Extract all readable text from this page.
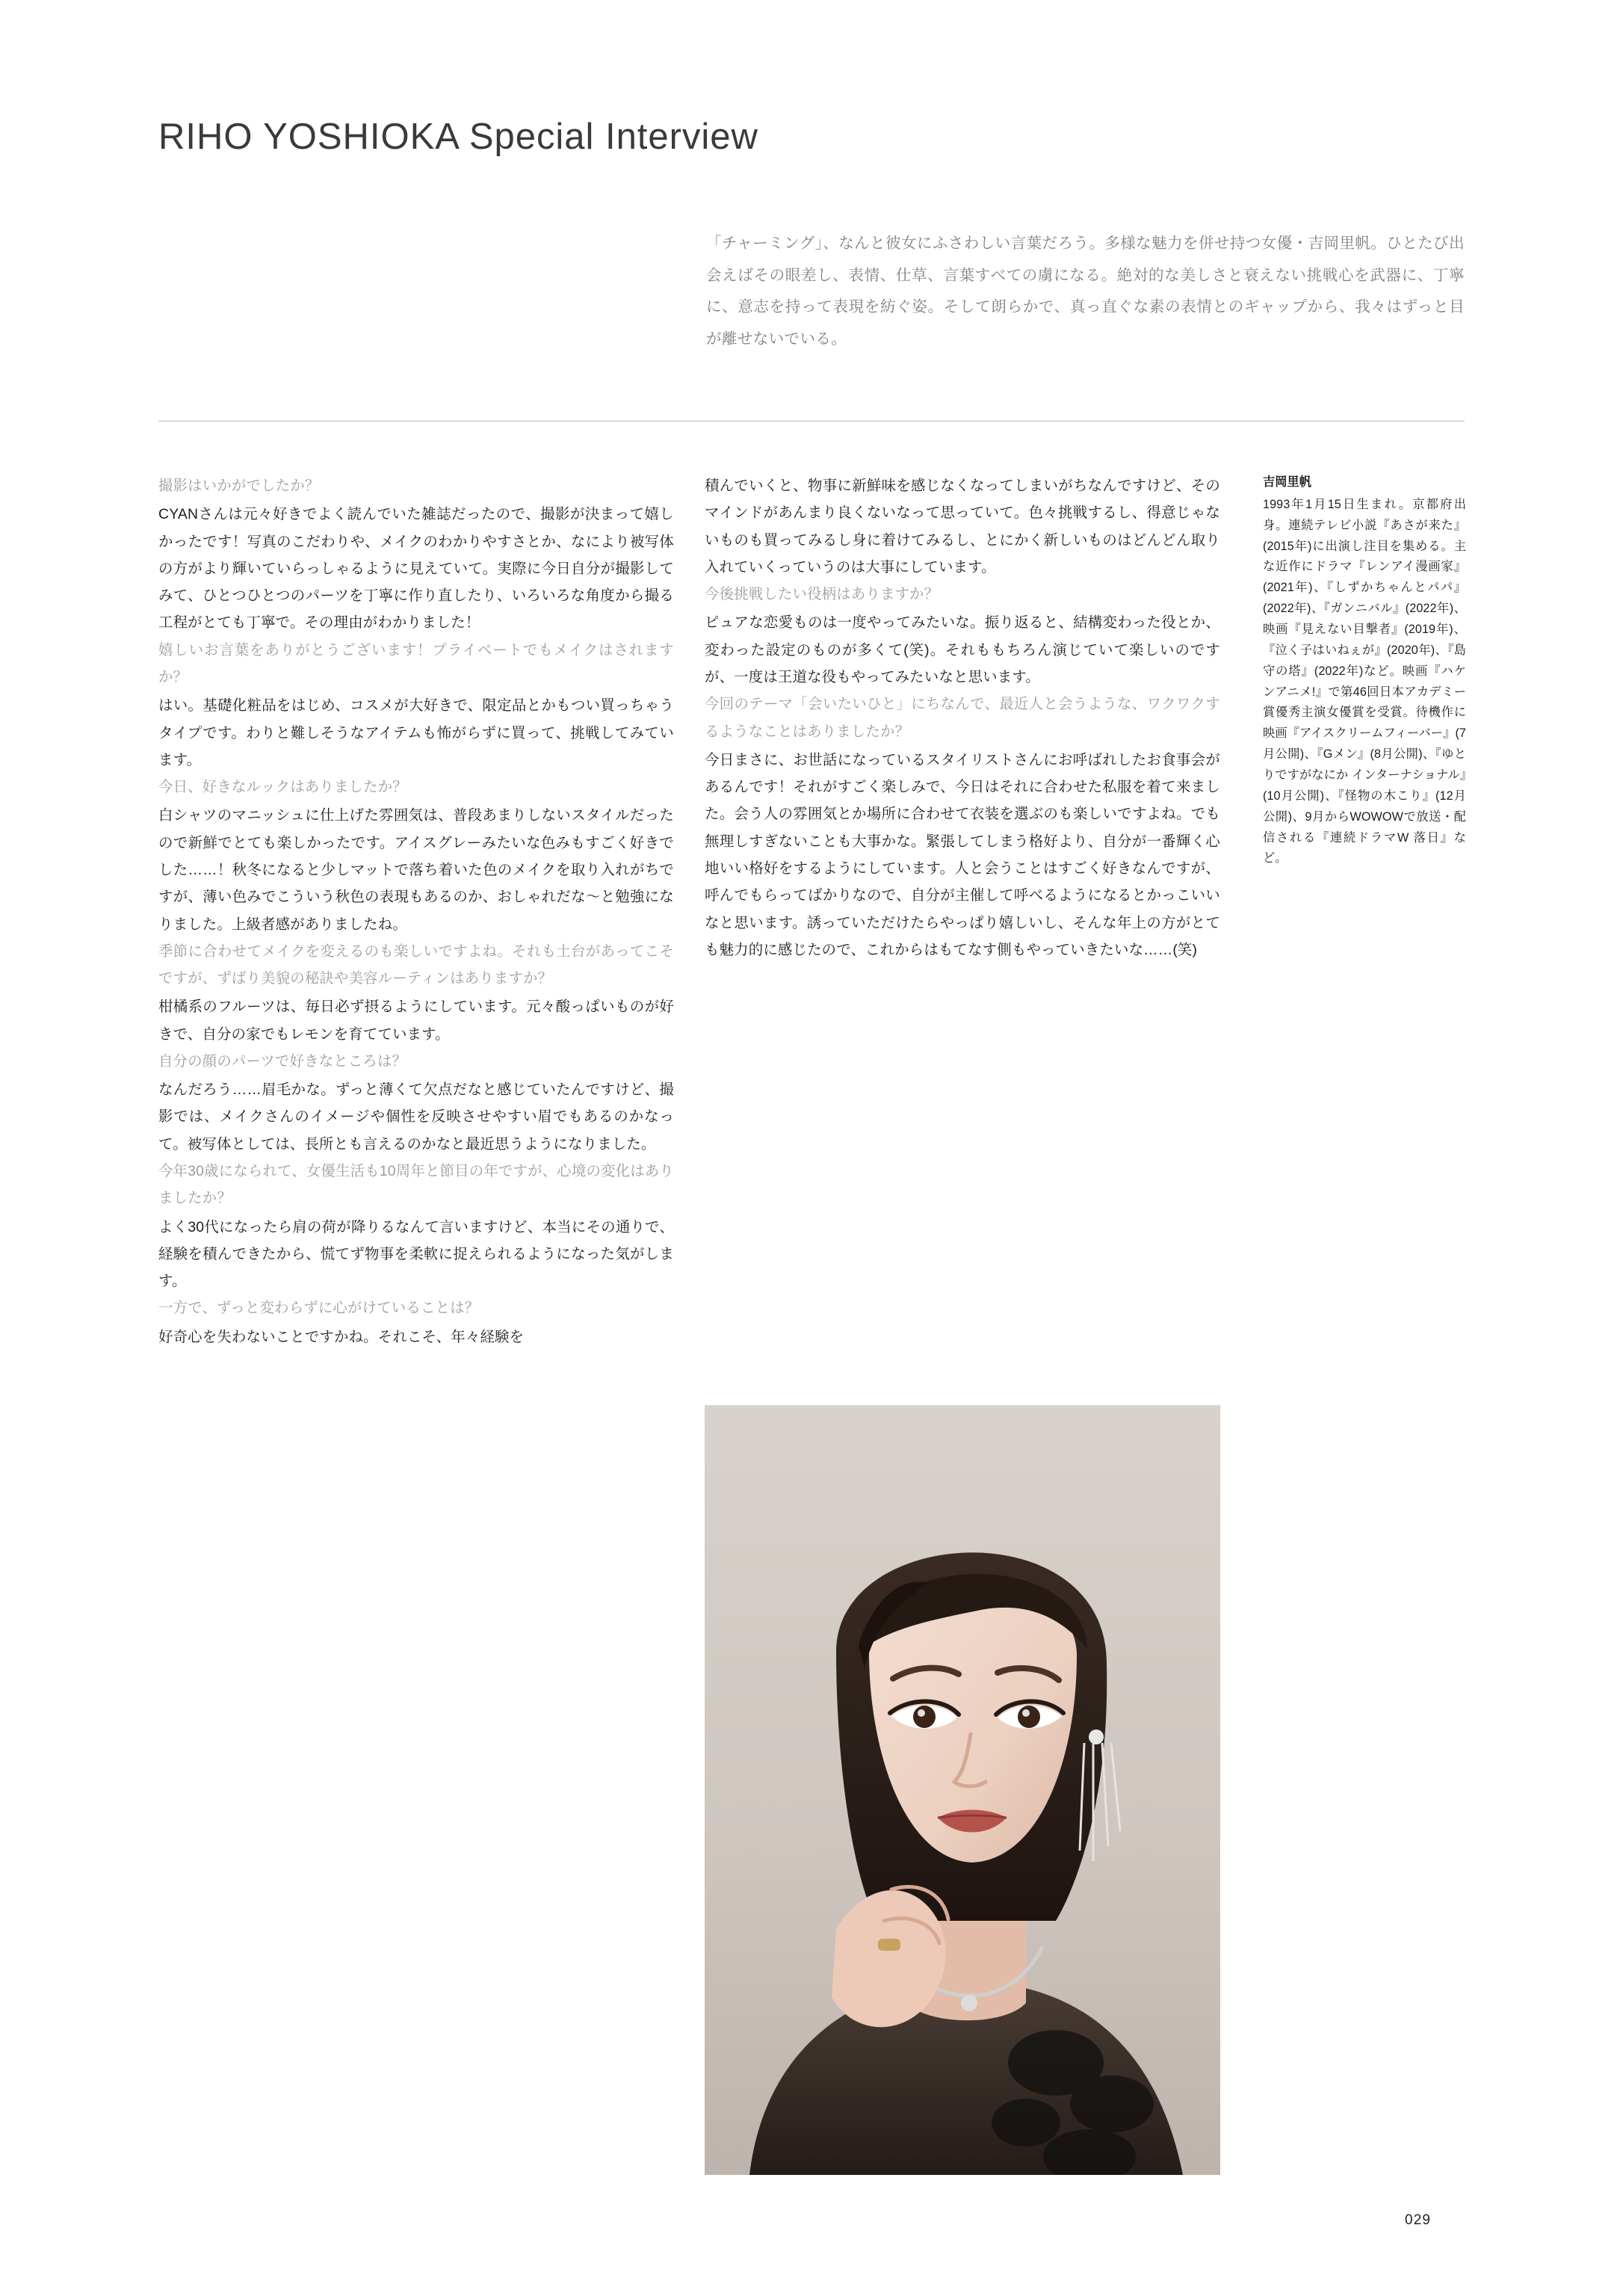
RIHO YOSHIOKA Special Interview
「チャーミング」、なんと彼女にふさわしい言葉だろう。多様な魅力を併せ持つ女優・吉岡里帆。ひとたび出会えばその眼差し、表情、仕草、言葉すべての虜になる。絶対的な美しさと衰えない挑戦心を武器に、丁寧に、意志を持って表現を紡ぐ姿。そして朗らかで、真っ直ぐな素の表情とのギャップから、我々はずっと目が離せないでいる。

撮影はいかがでしたか？

CYANさんは元々好きでよく読んでいた雑誌だったので、撮影が決まって嬉しかったです！写真のこだわりや、メイクのわかりやすさとか、なにより被写体の方がより輝いていらっしゃるように見えていて。実際に今日自分が撮影してみて、ひとつひとつのパーツを丁寧に作り直したり、いろいろな角度から撮る工程がとても丁寧で。その理由がわかりました！

嬉しいお言葉をありがとうございます！プライベートでもメイクはされますか？

はい。基礎化粧品をはじめ、コスメが大好きで、限定品とかもつい買っちゃうタイプです。わりと難しそうなアイテムも怖がらずに買って、挑戦してみています。

今日、好きなルックはありましたか？

白シャツのマニッシュに仕上げた雰囲気は、普段あまりしないスタイルだったので新鮮でとても楽しかったです。アイスグレーみたいな色みもすごく好きでした……！秋冬になると少しマットで落ち着いた色のメイクを取り入れがちですが、薄い色みでこういう秋色の表現もあるのか、おしゃれだな〜と勉強になりました。上級者感がありましたね。

季節に合わせてメイクを変えるのも楽しいですよね。それも土台があってこそですが、ずばり美貌の秘訣や美容ルーティンはありますか？

柑橘系のフルーツは、毎日必ず摂るようにしています。元々酸っぱいものが好きで、自分の家でもレモンを育てています。

自分の顔のパーツで好きなところは？

なんだろう……眉毛かな。ずっと薄くて欠点だなと感じていたんですけど、撮影では、メイクさんのイメージや個性を反映させやすい眉でもあるのかなって。被写体としては、長所とも言えるのかなと最近思うようになりました。

今年30歳になられて、女優生活も10周年と節目の年ですが、心境の変化はありましたか？

よく30代になったら肩の荷が降りるなんて言いますけど、本当にその通りで、経験を積んできたから、慌てず物事を柔軟に捉えられるようになった気がします。

一方で、ずっと変わらずに心がけていることは？

好奇心を失わないことですかね。それこそ、年々経験を

積んでいくと、物事に新鮮味を感じなくなってしまいがちなんですけど、そのマインドがあんまり良くないなって思っていて。色々挑戦するし、得意じゃないものも買ってみるし身に着けてみるし、とにかく新しいものはどんどん取り入れていくっていうのは大事にしています。

今後挑戦したい役柄はありますか？

ピュアな恋愛ものは一度やってみたいな。振り返ると、結構変わった役とか、変わった設定のものが多くて(笑)。それももちろん演じていて楽しいのですが、一度は王道な役もやってみたいなと思います。

今回のテーマ「会いたいひと」にちなんで、最近人と会うような、ワクワクするようなことはありましたか？

今日まさに、お世話になっているスタイリストさんにお呼ばれしたお食事会があるんです！それがすごく楽しみで、今日はそれに合わせた私服を着て来ました。会う人の雰囲気とか場所に合わせて衣装を選ぶのも楽しいですよね。でも無理しすぎないことも大事かな。緊張してしまう格好より、自分が一番輝く心地いい格好をするようにしています。人と会うことはすごく好きなんですが、呼んでもらってばかりなので、自分が主催して呼べるようになるとかっこいいなと思います。誘っていただけたらやっぱり嬉しいし、そんな年上の方がとても魅力的に感じたので、これからはもてなす側もやっていきたいな……(笑)

吉岡里帆

1993年1月15日生まれ。京都府出身。連続テレビ小説『あさが来た』(2015年)に出演し注目を集める。主な近作にドラマ『レンアイ漫画家』(2021年)、『しずかちゃんとパパ』(2022年)、『ガンニバル』(2022年)、映画『見えない目撃者』(2019年)、『泣く子はいねぇが』(2020年)、『島守の塔』(2022年)など。映画『ハケンアニメ!』で第46回日本アカデミー賞優秀主演女優賞を受賞。待機作に映画『アイスクリームフィーバー』(7月公開)、『Gメン』(8月公開)、『ゆとりですがなにか インターナショナル』(10月公開)、『怪物の木こり』(12月公開)、9月からWOWOWで放送・配信される『連続ドラマW 落日』など。

029
